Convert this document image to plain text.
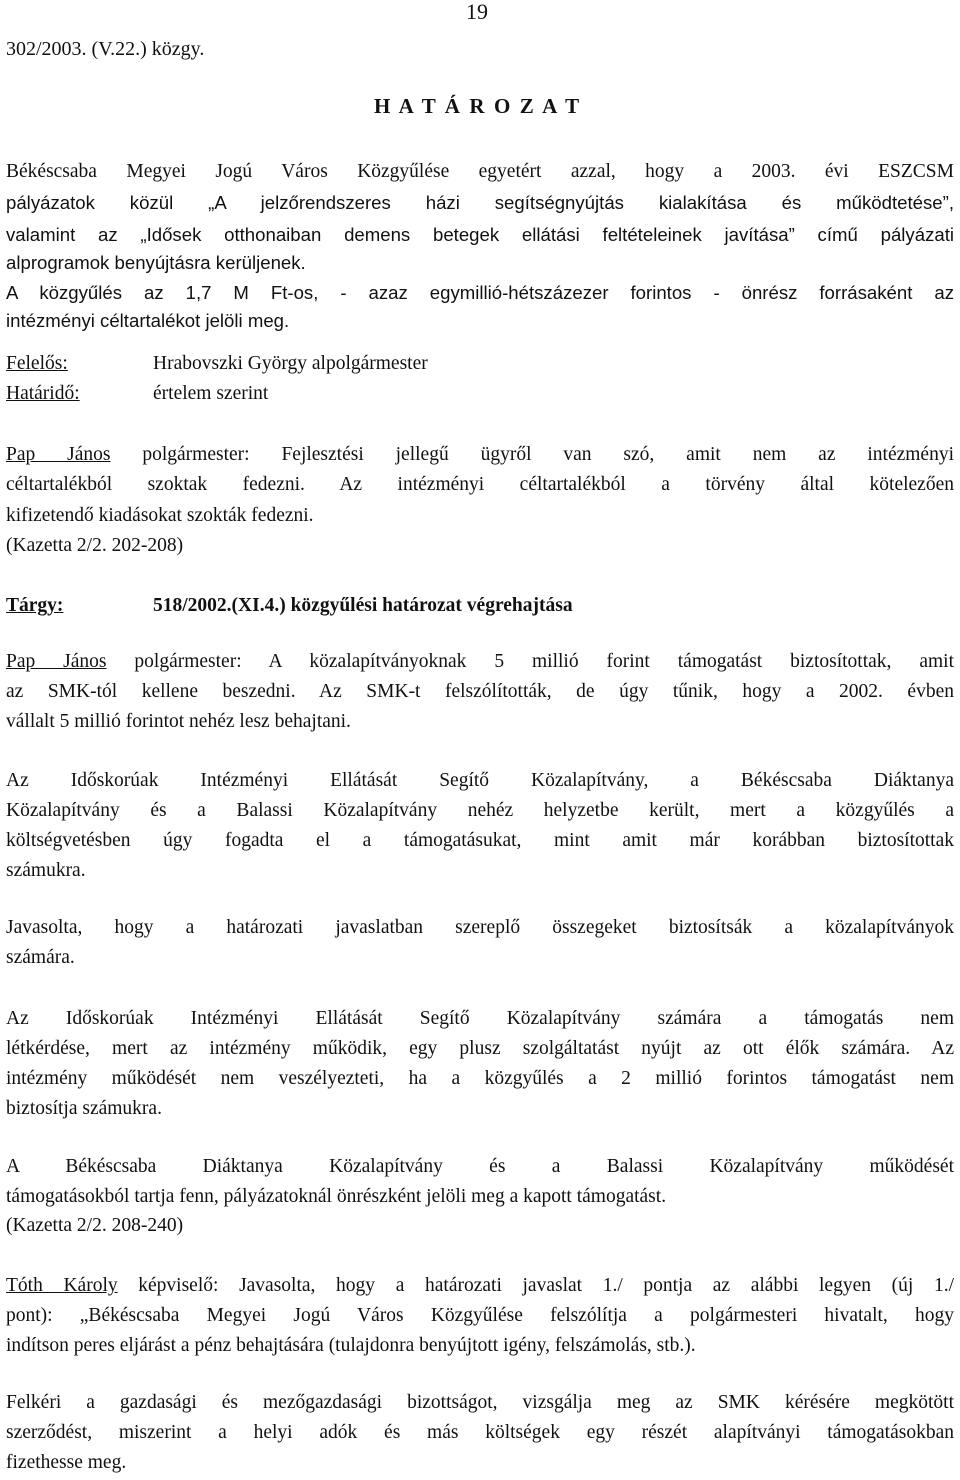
19
302/2003. (V.22.) közgy.
H A T Á R O Z A T
Békéscsaba Megyei Jogú Város Közgyűlése egyetért azzal, hogy a 2003. évi ESZCSM
pályázatok közül „A jelzőrendszeres házi segítségnyújtás kialakítása és működtetése”,
valamint az „Idősek otthonaiban demens betegek ellátási feltételeinek javítása” című pályázati
alprogramok benyújtásra kerüljenek.
A közgyűlés az 1,7 M Ft-os, - azaz egymillió-hétszázezer forintos - önrész forrásaként az
intézményi céltartalékot jelöli meg.
Felelős:	Hrabovszki György alpolgármester
Határidő:	értelem szerint
Pap János polgármester: Fejlesztési jellegű ügyről van szó, amit nem az intézményi
céltartalékból szoktak fedezni. Az intézményi céltartalékból a törvény által kötelezően
kifizetendő kiadásokat szokták fedezni.
(Kazetta 2/2. 202-208)
Tárgy:	518/2002.(XI.4.) közgyűlési határozat végrehajtása
Pap János polgármester: A közalapítványoknak 5 millió forint támogatást biztosítottak, amit
az SMK-tól kellene beszedni. Az SMK-t felszólították, de úgy tűnik, hogy a 2002. évben
vállalt 5 millió forintot nehéz lesz behajtani.
Az Időskorúak Intézményi Ellátását Segítő Közalapítvány, a Békéscsaba Diáktanya
Közalapítvány és a Balassi Közalapítvány nehéz helyzetbe került, mert a közgyűlés a
költségvetésben úgy fogadta el a támogatásukat, mint amit már korábban biztosítottak
számukra.
Javasolta, hogy a határozati javaslatban szereplő összegeket biztosítsák a közalapítványok
számára.
Az Időskorúak Intézményi Ellátását Segítő Közalapítvány számára a támogatás nem
létkérdése, mert az intézmény működik, egy plusz szolgáltatást nyújt az ott élők számára. Az
intézmény működését nem veszélyezteti, ha a közgyűlés a 2 millió forintos támogatást nem
biztosítja számukra.
A Békéscsaba Diáktanya Közalapítvány és a Balassi Közalapítvány működését
támogatásokból tartja fenn, pályázatoknál önrészként jelöli meg a kapott támogatást.
(Kazetta 2/2. 208-240)
Tóth Károly képviselő: Javasolta, hogy a határozati javaslat 1./ pontja az alábbi legyen (új 1./
pont): „Békéscsaba Megyei Jogú Város Közgyűlése felszólítja a polgármesteri hivatalt, hogy
indítson peres eljárást a pénz behajtására (tulajdonra benyújtott igény, felszámolás, stb.).
Felkéri a gazdasági és mezőgazdasági bizottságot, vizsgálja meg az SMK kérésére megkötött
szerződést, miszerint a helyi adók és más költségek egy részét alapítványi támogatásokban
fizethesse meg.
